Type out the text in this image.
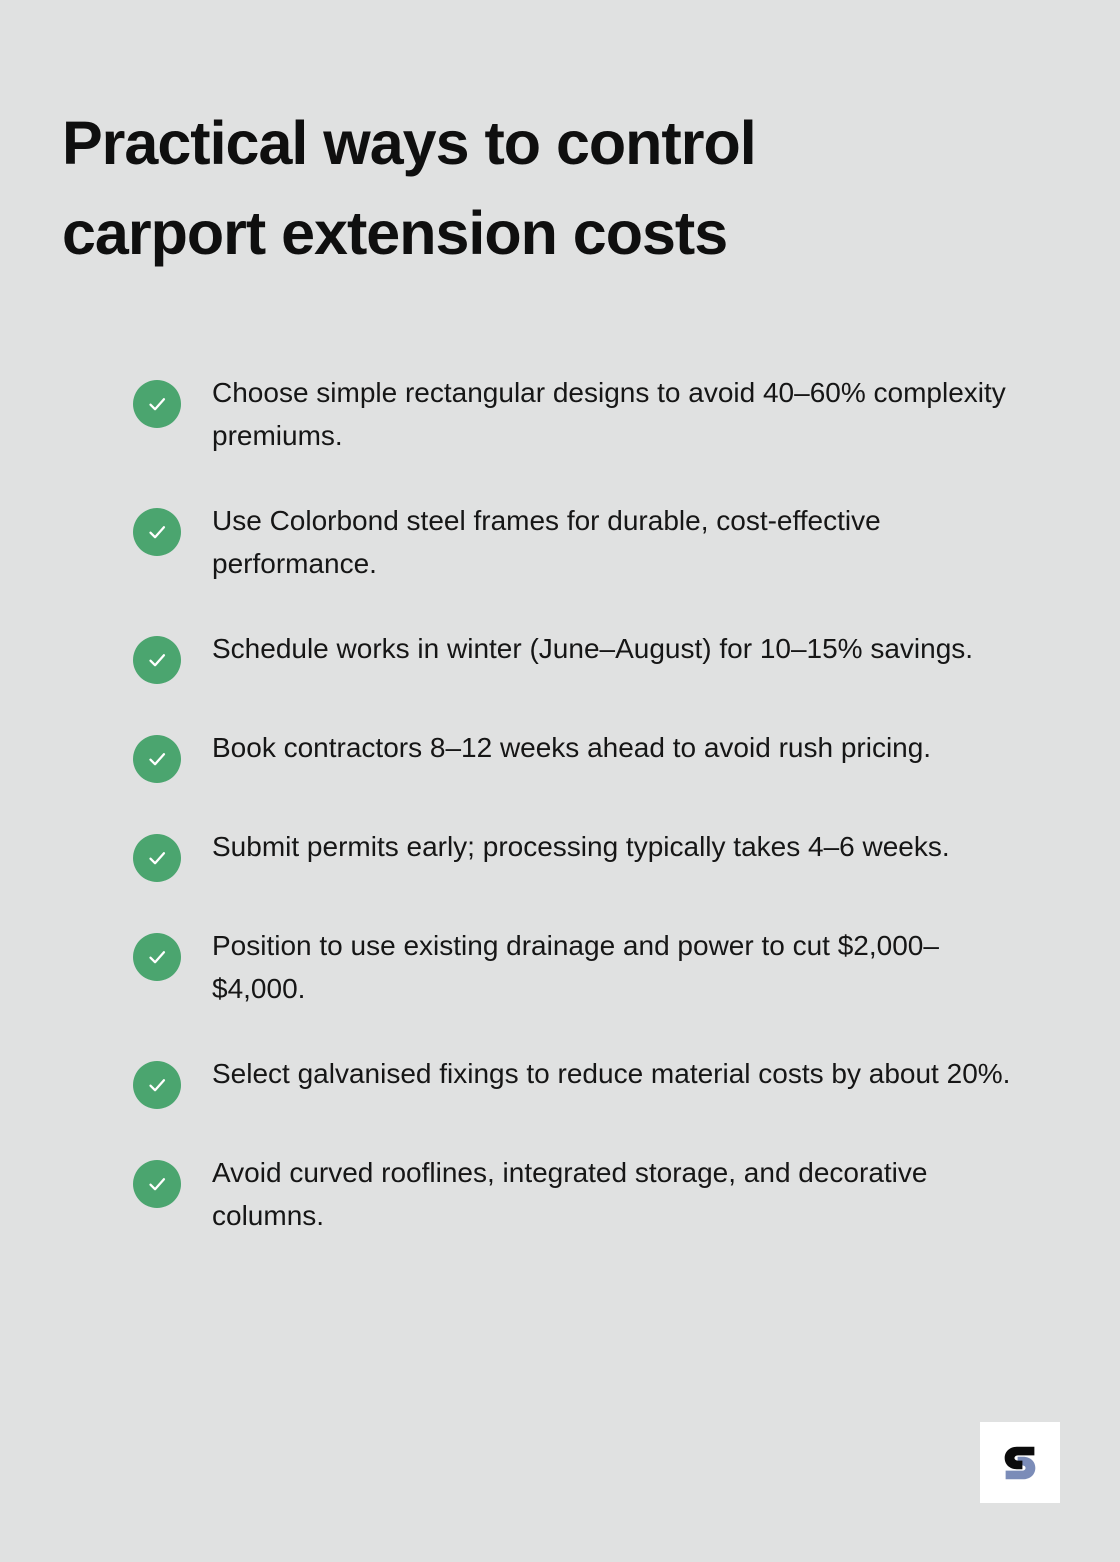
Practical ways to control
carport extension costs

Choose simple rectangular designs to avoid 40–60% complexity premiums.

Use Colorbond steel frames for durable, cost-effective performance.

Schedule works in winter (June–August) for 10–15% savings.

Book contractors 8–12 weeks ahead to avoid rush pricing.

Submit permits early; processing typically takes 4–6 weeks.

Position to use existing drainage and power to cut $2,000–$4,000.

Select galvanised fixings to reduce material costs by about 20%.

Avoid curved rooflines, integrated storage, and decorative columns.
